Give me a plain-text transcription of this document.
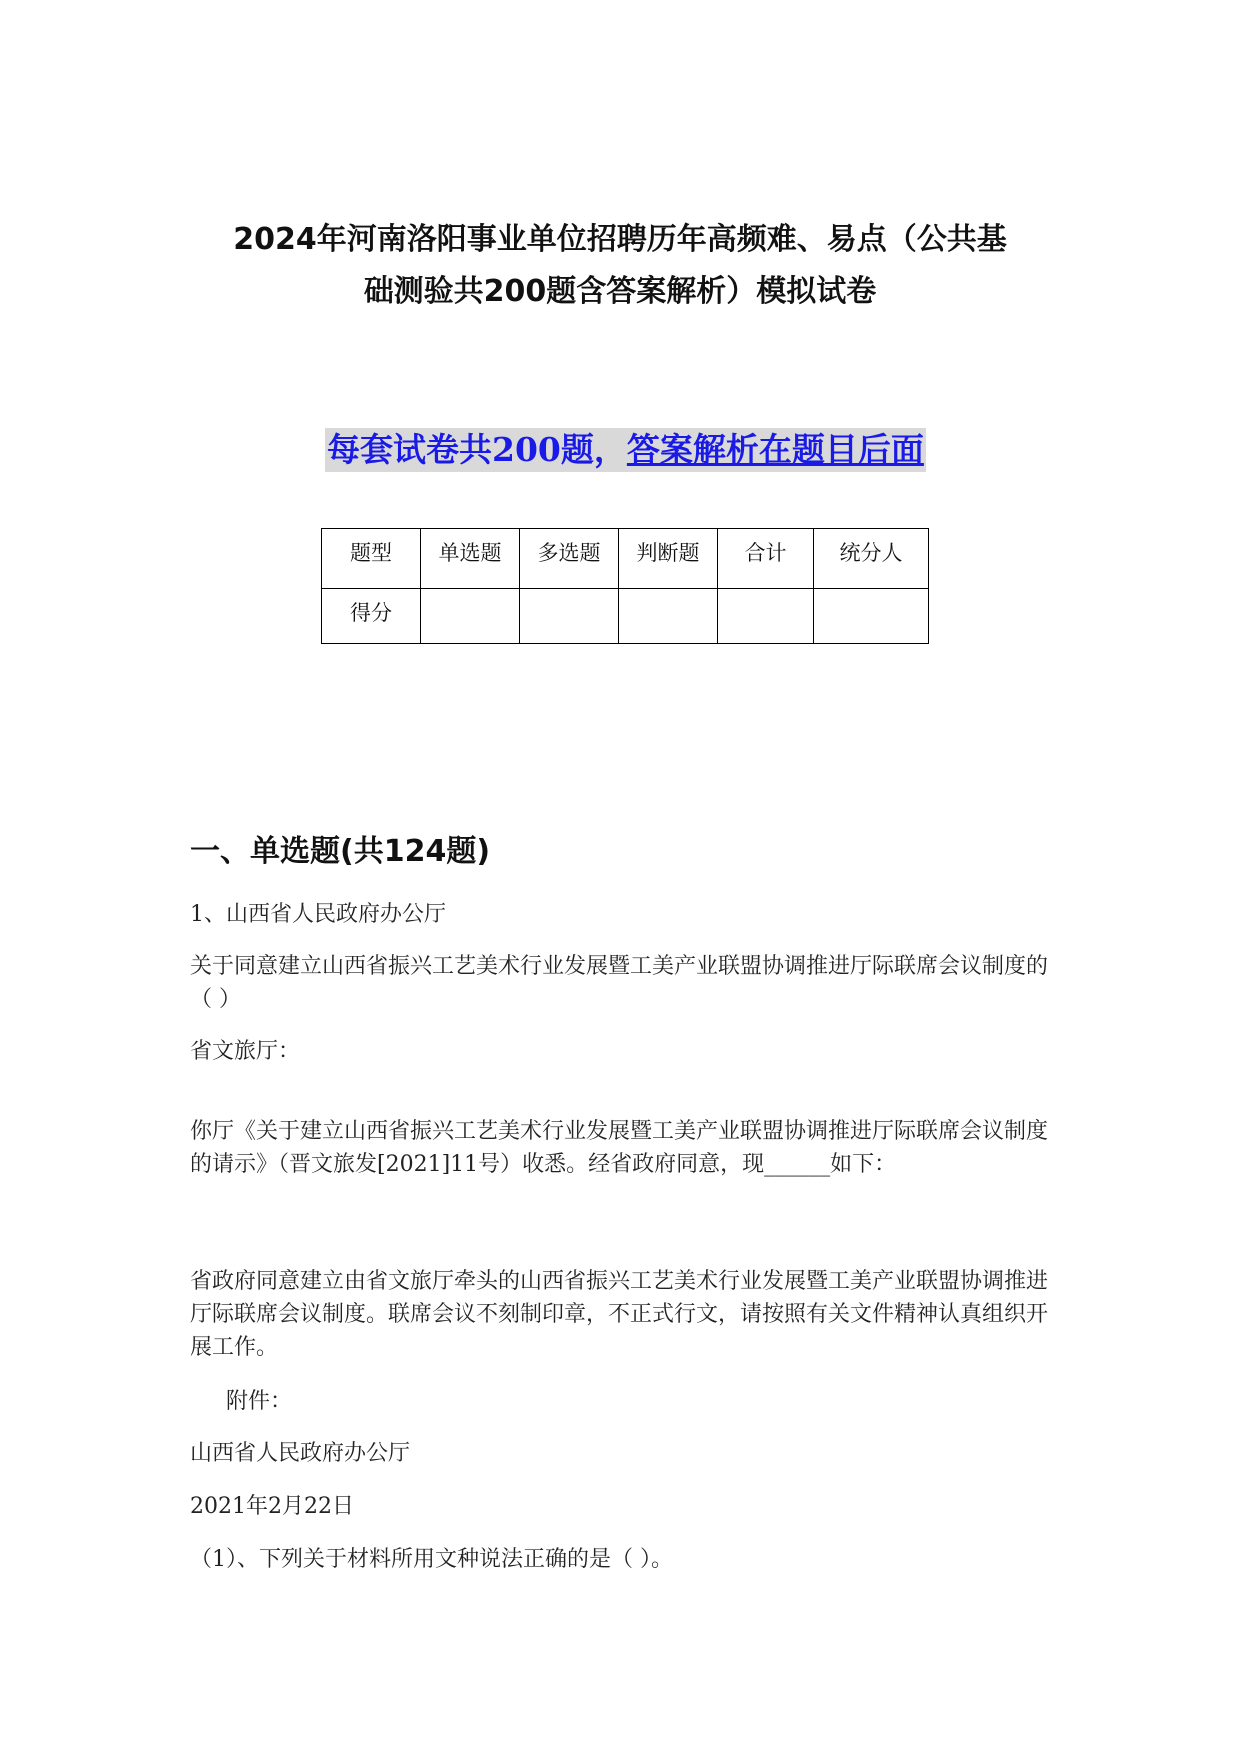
2024年河南洛阳事业单位招聘历年高频难、易点（公共基
础测验共200题含答案解析）模拟试卷
每套试卷共200题，答案解析在题目后面
题型	单选题	多选题	判断题	合计	统分人
得分					
一、单选题(共124题)

1、山西省人民政府办公厅

关于同意建立山西省振兴工艺美术行业发展暨工美产业联盟协调推进厅际联席会议制度的（ ）

省文旅厅：

你厅《关于建立山西省振兴工艺美术行业发展暨工美产业联盟协调推进厅际联席会议制度的请示》（晋文旅发[2021]11号）收悉。经省政府同意，现______如下：

省政府同意建立由省文旅厅牵头的山西省振兴工艺美术行业发展暨工美产业联盟协调推进厅际联席会议制度。联席会议不刻制印章，不正式行文，请按照有关文件精神认真组织开展工作。

附件：

山西省人民政府办公厅

2021年2月22日

（1）、下列关于材料所用文种说法正确的是（ ）。
